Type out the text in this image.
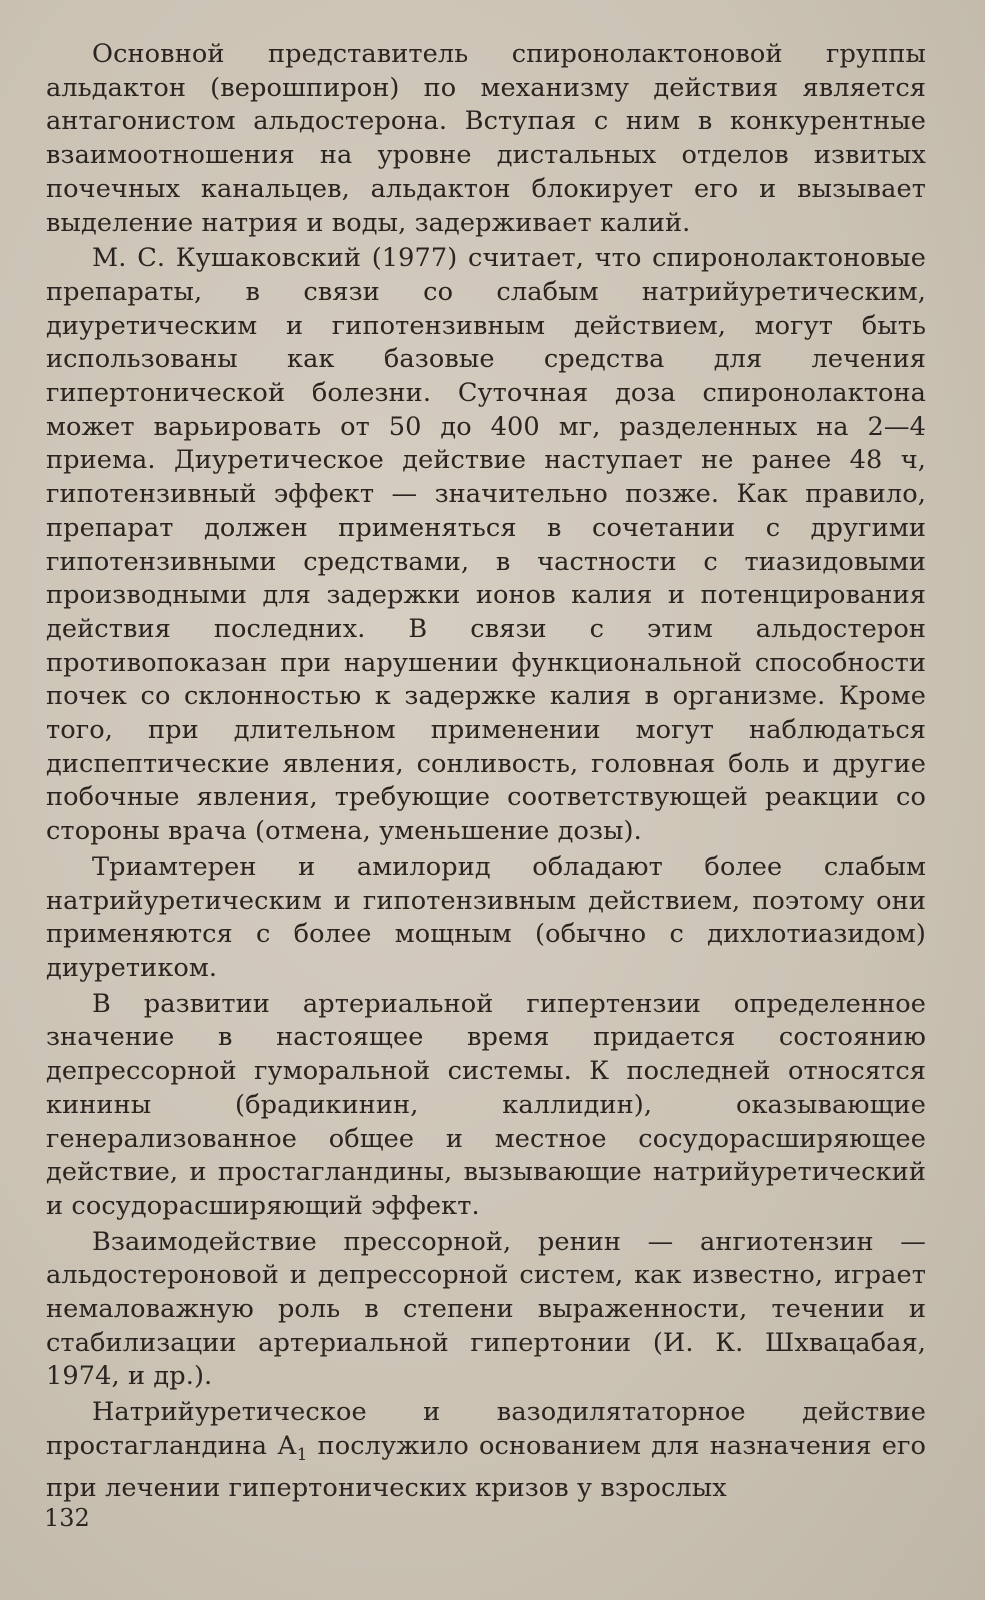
Основной представитель спиронолактоновой группы альдактон (верошпирон) по механизму действия является антагонистом альдостерона. Вступая с ним в конкурентные взаимоотношения на уровне дистальных отделов извитых почечных канальцев, альдактон блокирует его и вызывает выделение натрия и воды, задерживает калий.

М. С. Кушаковский (1977) считает, что спиронолактоновые препараты, в связи со слабым натрийуретическим, диуретическим и гипотензивным действием, могут быть использованы как базовые средства для лечения гипертонической болезни. Суточная доза спиронолактона может варьировать от 50 до 400 мг, разделенных на 2—4 приема. Диуретическое действие наступает не ранее 48 ч, гипотензивный эффект — значительно позже. Как правило, препарат должен применяться в сочетании с другими гипотензивными средствами, в частности с тиазидовыми производными для задержки ионов калия и потенцирования действия последних. В связи с этим альдостерон противопоказан при нарушении функциональной способности почек со склонностью к задержке калия в организме. Кроме того, при длительном применении могут наблюдаться диспептические явления, сонливость, головная боль и другие побочные явления, требующие соответствующей реакции со стороны врача (отмена, уменьшение дозы).

Триамтерен и амилорид обладают более слабым натрийуретическим и гипотензивным действием, поэтому они применяются с более мощным (обычно с дихлотиазидом) диуретиком.

В развитии артериальной гипертензии определенное значение в настоящее время придается состоянию депрессорной гуморальной системы. К последней относятся кинины (брадикинин, каллидин), оказывающие генерализованное общее и местное сосудорасширяющее действие, и простагландины, вызывающие натрийуретический и сосудорасширяющий эффект.

Взаимодействие прессорной, ренин — ангиотензин — альдостероновой и депрессорной систем, как известно, играет немаловажную роль в степени выраженности, течении и стабилизации артериальной гипертонии (И. К. Шхвацабая, 1974, и др.).

Натрийуретическое и вазодилятаторное действие простагландина $А_1$ послужило основанием для назначения его при лечении гипертонических кризов у взрослых

132
